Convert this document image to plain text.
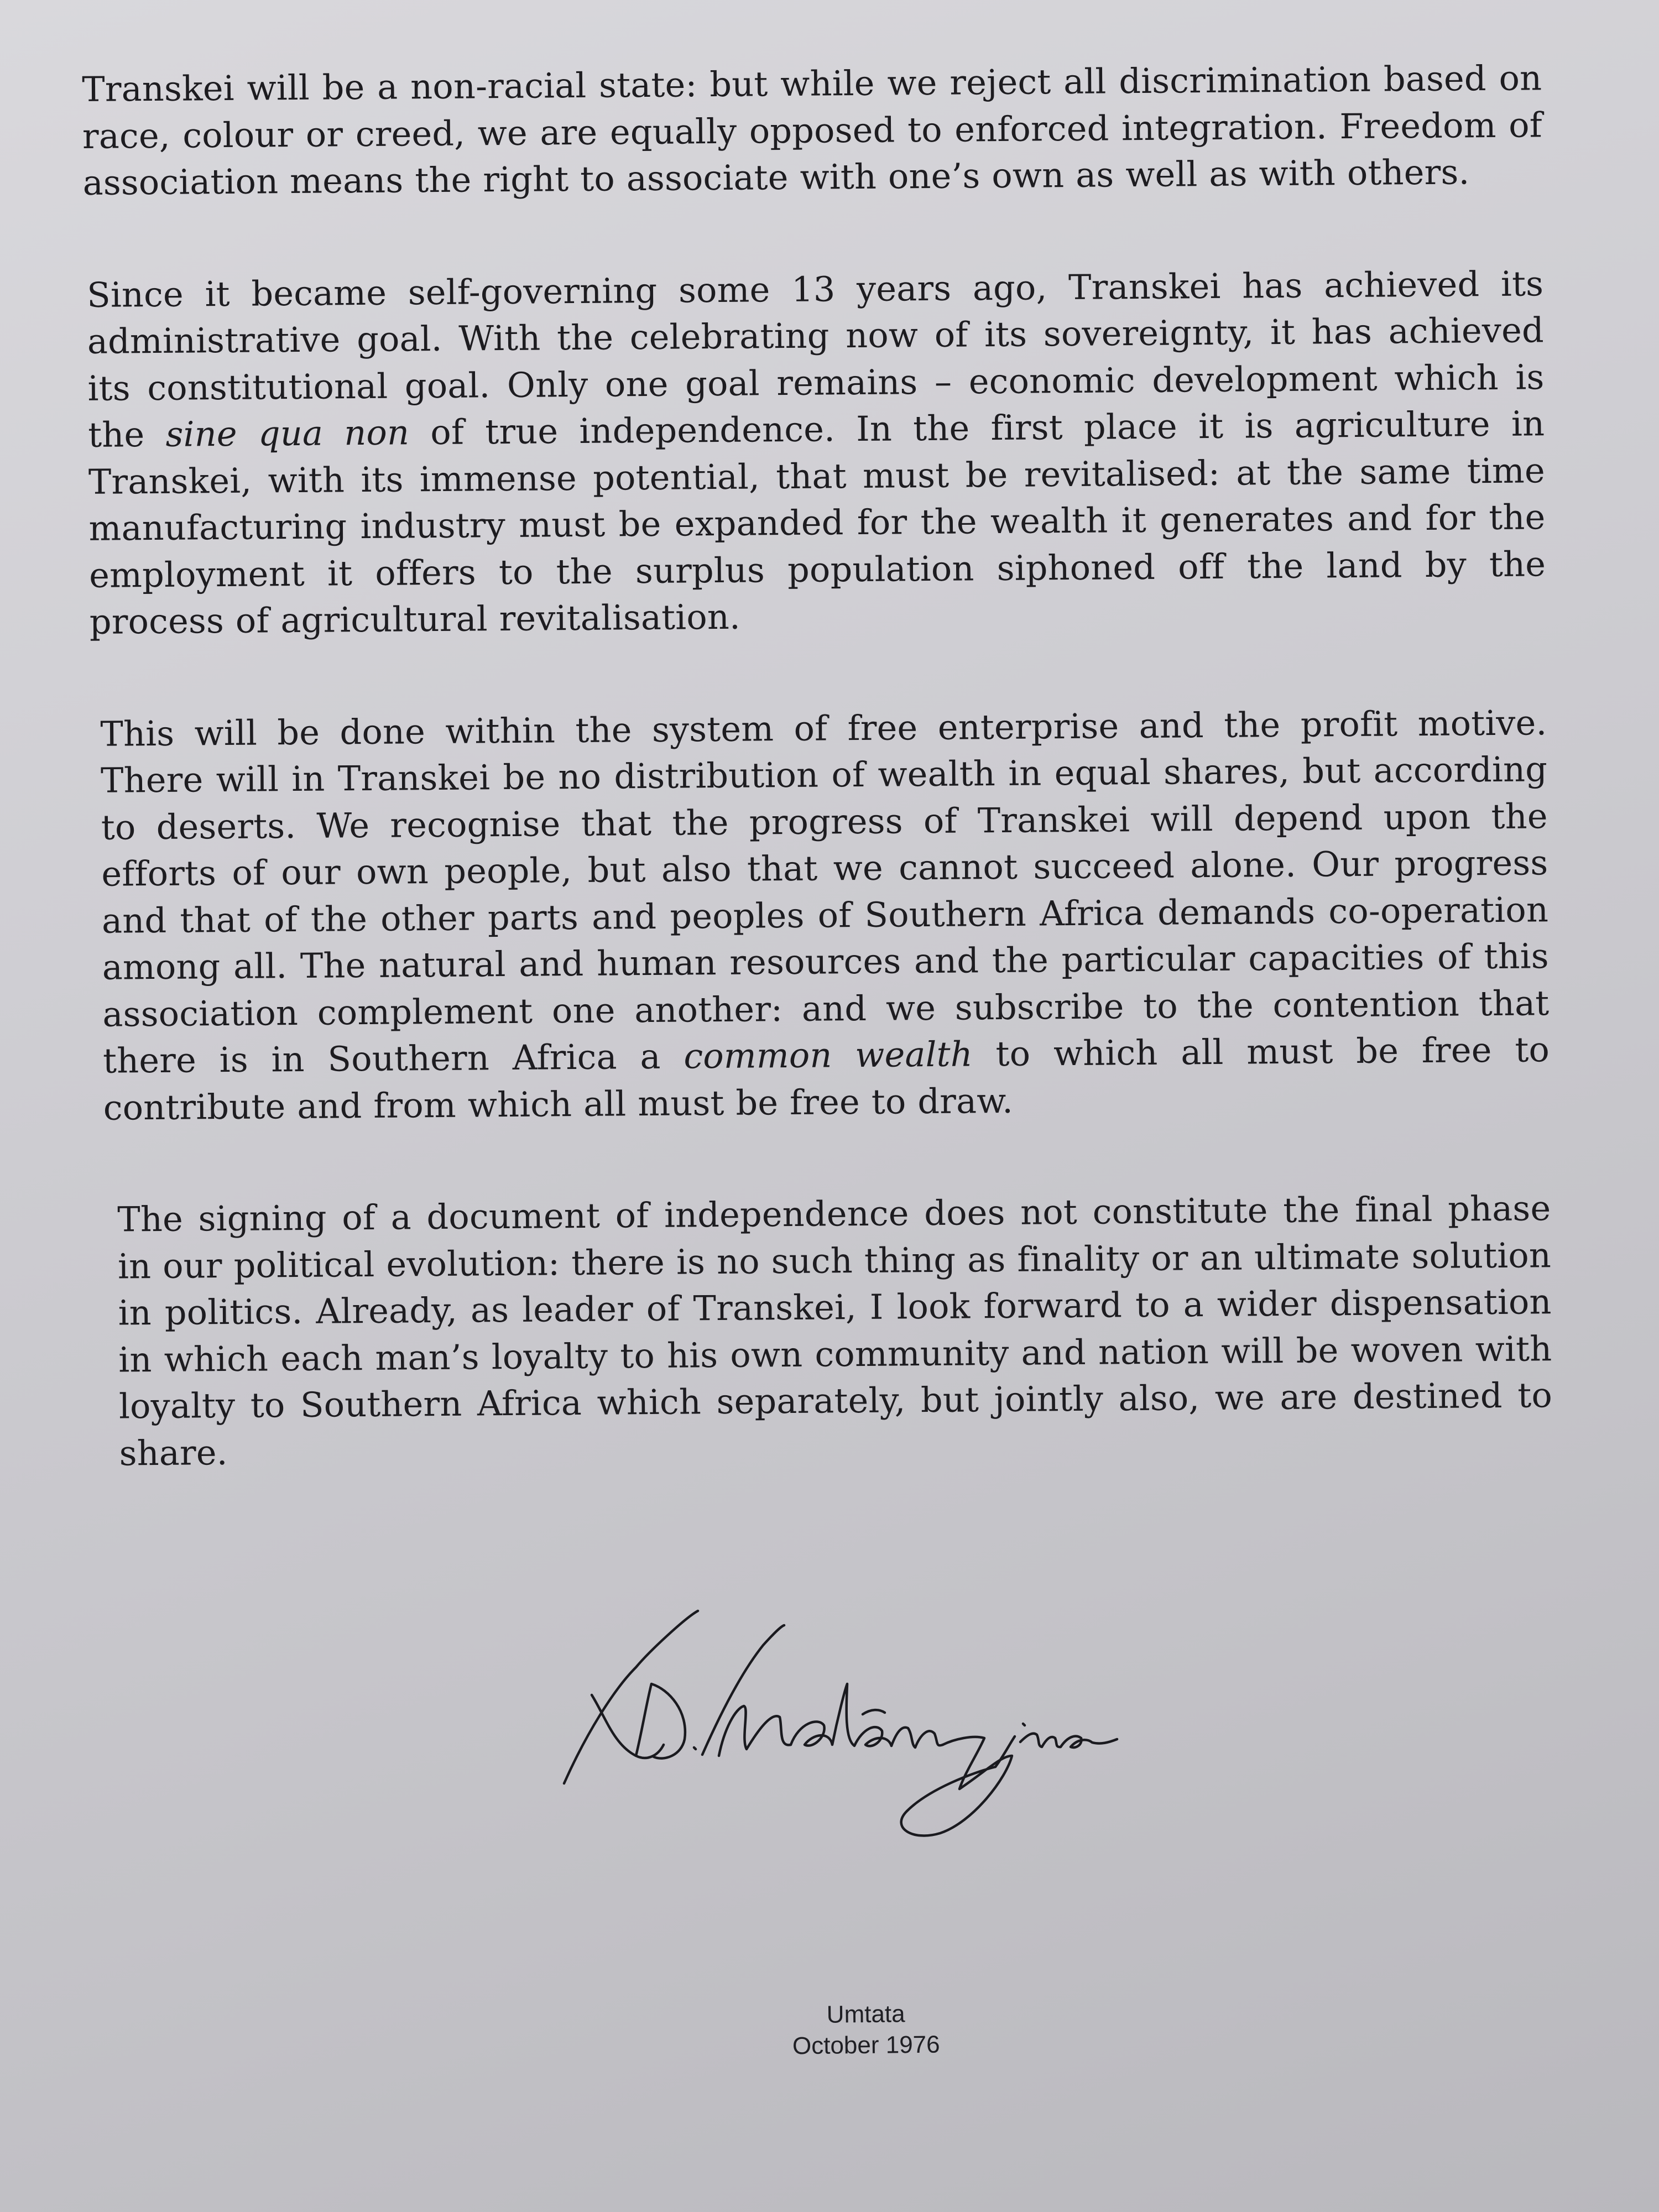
Transkei will be a non-racial state: but while we reject all discrimination based on race, colour or creed, we are equally opposed to enforced integration. Freedom of association means the right to associate with one’s own as well as with others.

Since it became self-governing some 13 years ago, Transkei has achieved its administrative goal. With the celebrating now of its sovereignty, it has achieved its constitutional goal. Only one goal remains – economic development which is the sine qua non of true independence. In the first place it is agriculture in Transkei, with its immense potential, that must be revitalised: at the same time manufacturing industry must be expanded for the wealth it generates and for the employment it offers to the surplus population siphoned off the land by the process of agricultural revitalisation.

This will be done within the system of free enterprise and the profit motive. There will in Transkei be no distribution of wealth in equal shares, but according to deserts. We recognise that the progress of Transkei will depend upon the efforts of our own people, but also that we cannot succeed alone. Our progress and that of the other parts and peoples of Southern Africa demands co-operation among all. The natural and human resources and the particular capacities of this association complement one another: and we subscribe to the contention that there is in Southern Africa a common wealth to which all must be free to contribute and from which all must be free to draw.

The signing of a document of independence does not constitute the final phase in our political evolution: there is no such thing as finality or an ultimate solution in politics. Already, as leader of Transkei, I look forward to a wider dispensation in which each man’s loyalty to his own community and nation will be woven with loyalty to Southern Africa which separately, but jointly also, we are destined to share.

Umtata
October 1976
